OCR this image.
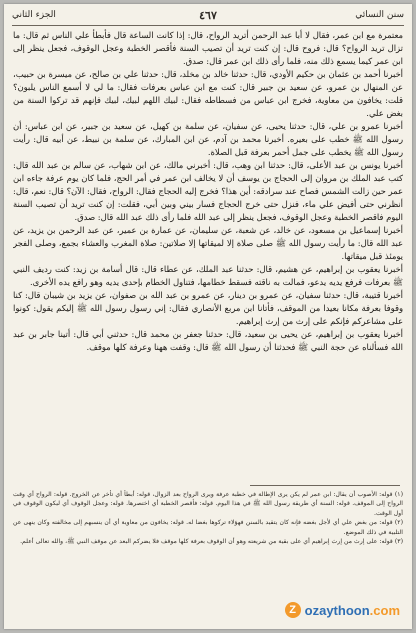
سنن النسائي
٤٦٧
الجزء الثاني

معتمرة مع ابن عمر، فقال لا أبا عبد الرحمن أتريد الرواح، قال: إذا كانت الساعة قال فأبطأ علي الناس ثم قال: ما تزال تريد الرواح؟ قال: فروح قال: إن كنت تريد أن تصيب السنة فأقصر الخطبة وعجل الوقوف، فجعل ينظر إلى ابن عمر كيما يسمع ذلك منه، فلما رأى ذلك ابن عمر قال: صدق.

أخبرنا أحمد بن عثمان بن حكيم الأودي، قال: حدثنا خالد بن مخلد، قال: حدثنا علي بن صالح، عن ميسرة بن حبيب، عن المنهال بن عمرو، عن سعيد بن جبير قال: كنت مع ابن عباس بعرفات فقال: ما لي لا أسمع الناس يلبون؟ قلت: يخافون من معاوية، فخرج ابن عباس من فسطاطه فقال: لبيك اللهم لبيك، لبيك فإنهم قد تركوا السنة من بغض علي.

أخبرنا عمرو بن علي، قال: حدثنا يحيى، عن سفيان، عن سلمة بن كهيل، عن سعيد بن جبير، عن ابن عباس: أن رسول الله ﷺ خطب على بعيره. أخبرنا محمد بن آدم، عن ابن المبارك، عن سلمة بن نبيط، عن أبيه قال: رأيت رسول الله ﷺ يخطب على جمل أحمر بعرفة قبل الصلاة.

أخبرنا يونس بن عبد الأعلى، قال: حدثنا ابن وهب، قال: أخبرني مالك، عن ابن شهاب، عن سالم بن عبد الله قال: كتب عبد الملك بن مروان إلى الحجاج بن يوسف أن لا يخالف ابن عمر في أمر الحج، فلما كان يوم عرفة جاءه ابن عمر حين زالت الشمس فصاح عند سرادقه: أين هذا؟ فخرج إليه الحجاج فقال: الرواح، فقال: الآن؟ قال: نعم، قال: أنظرني حتى أفيض علي ماء، فنزل حتى خرج الحجاج فسار بيني وبين أبي، فقلت: إن كنت تريد أن تصيب السنة اليوم فاقصر الخطبة وعجل الوقوف، فجعل ينظر إلى عبد الله فلما رأى ذلك عبد الله قال: صدق.

أخبرنا إسماعيل بن مسعود، عن خالد، عن شعبة، عن سليمان، عن عمارة بن عمير، عن عبد الرحمن بن يزيد، عن عبد الله قال: ما رأيت رسول الله ﷺ صلى صلاة إلا لميقاتها إلا صلاتين: صلاة المغرب والعشاء بجمع، وصلى الفجر يومئذ قبل ميقاتها.

أخبرنا يعقوب بن إبراهيم، عن هشيم، قال: حدثنا عبد الملك، عن عطاء قال: قال أسامة بن زيد: كنت رديف النبي ﷺ بعرفات فرفع يديه يدعو، فمالت به ناقته فسقط خطامها، فتناول الخطام بإحدى يديه وهو رافع يده الأخرى.

أخبرنا قتيبة، قال: حدثنا سفيان، عن عمرو بن دينار، عن عمرو بن عبد الله بن صفوان، عن يزيد بن شيبان قال: كنا وقوفا بعرفة مكانا بعيدا من الموقف، فأتانا ابن مربع الأنصاري فقال: إني رسول رسول الله ﷺ إليكم يقول: كونوا على مشاعركم فإنكم على إرث من إرث إبراهيم.

أخبرنا يعقوب بن إبراهيم، عن يحيى بن سعيد، قال: حدثنا جعفر بن محمد قال: حدثني أبي قال: أتينا جابر بن عبد الله فسألناه عن حجة النبي ﷺ فحدثنا أن رسول الله ﷺ قال: وقفت ههنا وعرفة كلها موقف.

(١) قوله: الأصوب أن يقال: ابن عمر لم يكن يرى الإطالة في خطبة عرفة ويرى الرواح بعد الزوال، قوله: أبطأ أي تأخر عن الخروج. قوله: الرواح أي وقت الرواح إلى الموقف. قوله: السنة أي طريقة رسول الله ﷺ في هذا اليوم. قوله: فأقصر الخطبة أي اختصرها. قوله: وعجل الوقوف أي ليكون الوقوف في أول الوقت.

(٢) قوله: من بغض علي أي لأجل بغضه فإنه كان يتقيد بالسنن فهؤلاء تركوها بغضا له. قوله: يخافون من معاوية أي أن ينسبهم إلى مخالفته وكان ينهى عن التلبية في ذلك الموضع.

(٣) قوله: على إرث من إرث إبراهيم أي على بقية من شريعته وهو أن الوقوف بعرفة كلها موقف فلا يضركم البعد عن موقف النبي ﷺ، والله تعالى أعلم.

Z ozaythoon.com
